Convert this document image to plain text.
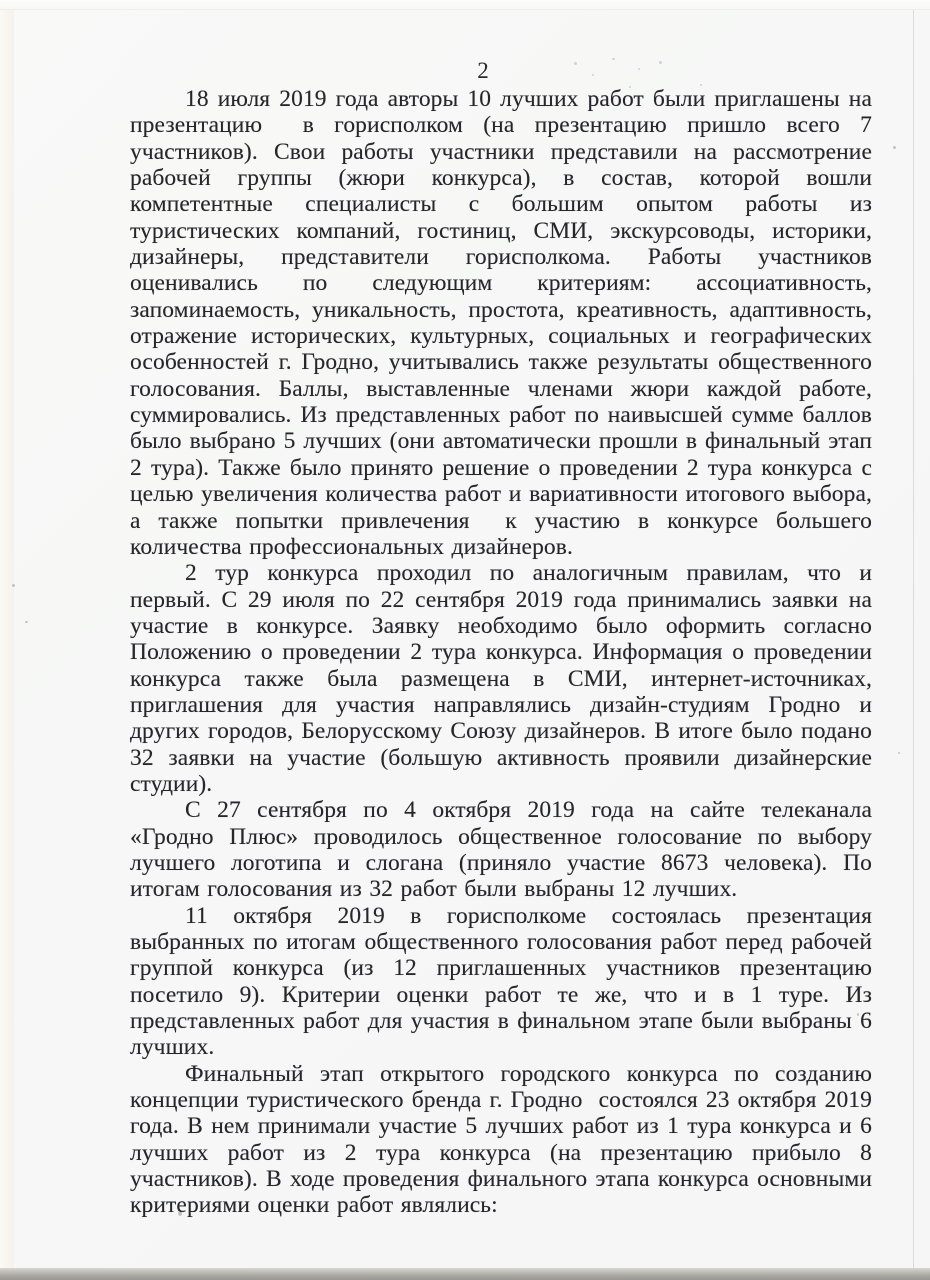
2

18 июля 2019 года авторы 10 лучших работ были приглашены на презентацию  в горисполком (на презентацию пришло всего 7 участников). Свои работы участники представили на рассмотрение рабочей группы (жюри конкурса), в состав, которой вошли компетентные специалисты с большим опытом работы из туристических компаний, гостиниц, СМИ, экскурсоводы, историки, дизайнеры, представители горисполкома. Работы участников оценивались по следующим критериям: ассоциативность, запоминаемость, уникальность, простота, креативность, адаптивность, отражение исторических, культурных, социальных и географических особенностей г. Гродно, учитывались также результаты общественного голосования. Баллы, выставленные членами жюри каждой работе, суммировались. Из представленных работ по наивысшей сумме баллов было выбрано 5 лучших (они автоматически прошли в финальный этап 2 тура). Также было принято решение о проведении 2 тура конкурса с целью увеличения количества работ и вариативности итогового выбора, а также попытки привлечения  к участию в конкурсе большего количества профессиональных дизайнеров.

2 тур конкурса проходил по аналогичным правилам, что и первый. С 29 июля по 22 сентября 2019 года принимались заявки на участие в конкурсе. Заявку необходимо было оформить согласно Положению о проведении 2 тура конкурса. Информация о проведении конкурса также была размещена в СМИ, интернет-источниках, приглашения для участия направлялись дизайн-студиям Гродно и других городов, Белорусскому Союзу дизайнеров. В итоге было подано 32 заявки на участие (большую активность проявили дизайнерские студии).

С 27 сентября по 4 октября 2019 года на сайте телеканала «Гродно Плюс» проводилось общественное голосование по выбору лучшего логотипа и слогана (приняло участие 8673 человека). По итогам голосования из 32 работ были выбраны 12 лучших.

11 октября 2019 в горисполкоме состоялась презентация выбранных по итогам общественного голосования работ перед рабочей группой конкурса (из 12 приглашенных участников презентацию посетило 9). Критерии оценки работ те же, что и в 1 туре. Из представленных работ для участия в финальном этапе были выбраны 6 лучших.

Финальный этап открытого городского конкурса по созданию концепции туристического бренда г. Гродно  состоялся 23 октября 2019 года. В нем принимали участие 5 лучших работ из 1 тура конкурса и 6 лучших работ из 2 тура конкурса (на презентацию прибыло 8 участников). В ходе проведения финального этапа конкурса основными критериями оценки работ являлись:
